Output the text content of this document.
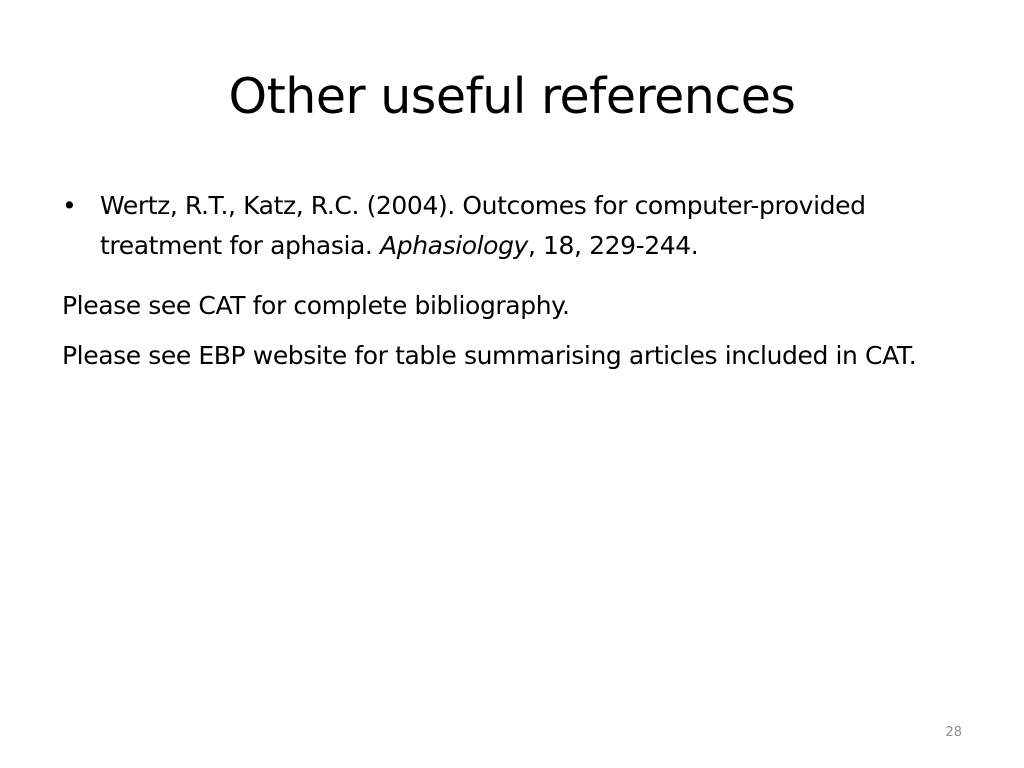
Other useful references
• Wertz, R.T., Katz, R.C. (2004). Outcomes for computer-provided treatment for aphasia. Aphasiology, 18, 229-244.

Please see CAT for complete bibliography.

Please see EBP website for table summarising articles included in CAT.

28
